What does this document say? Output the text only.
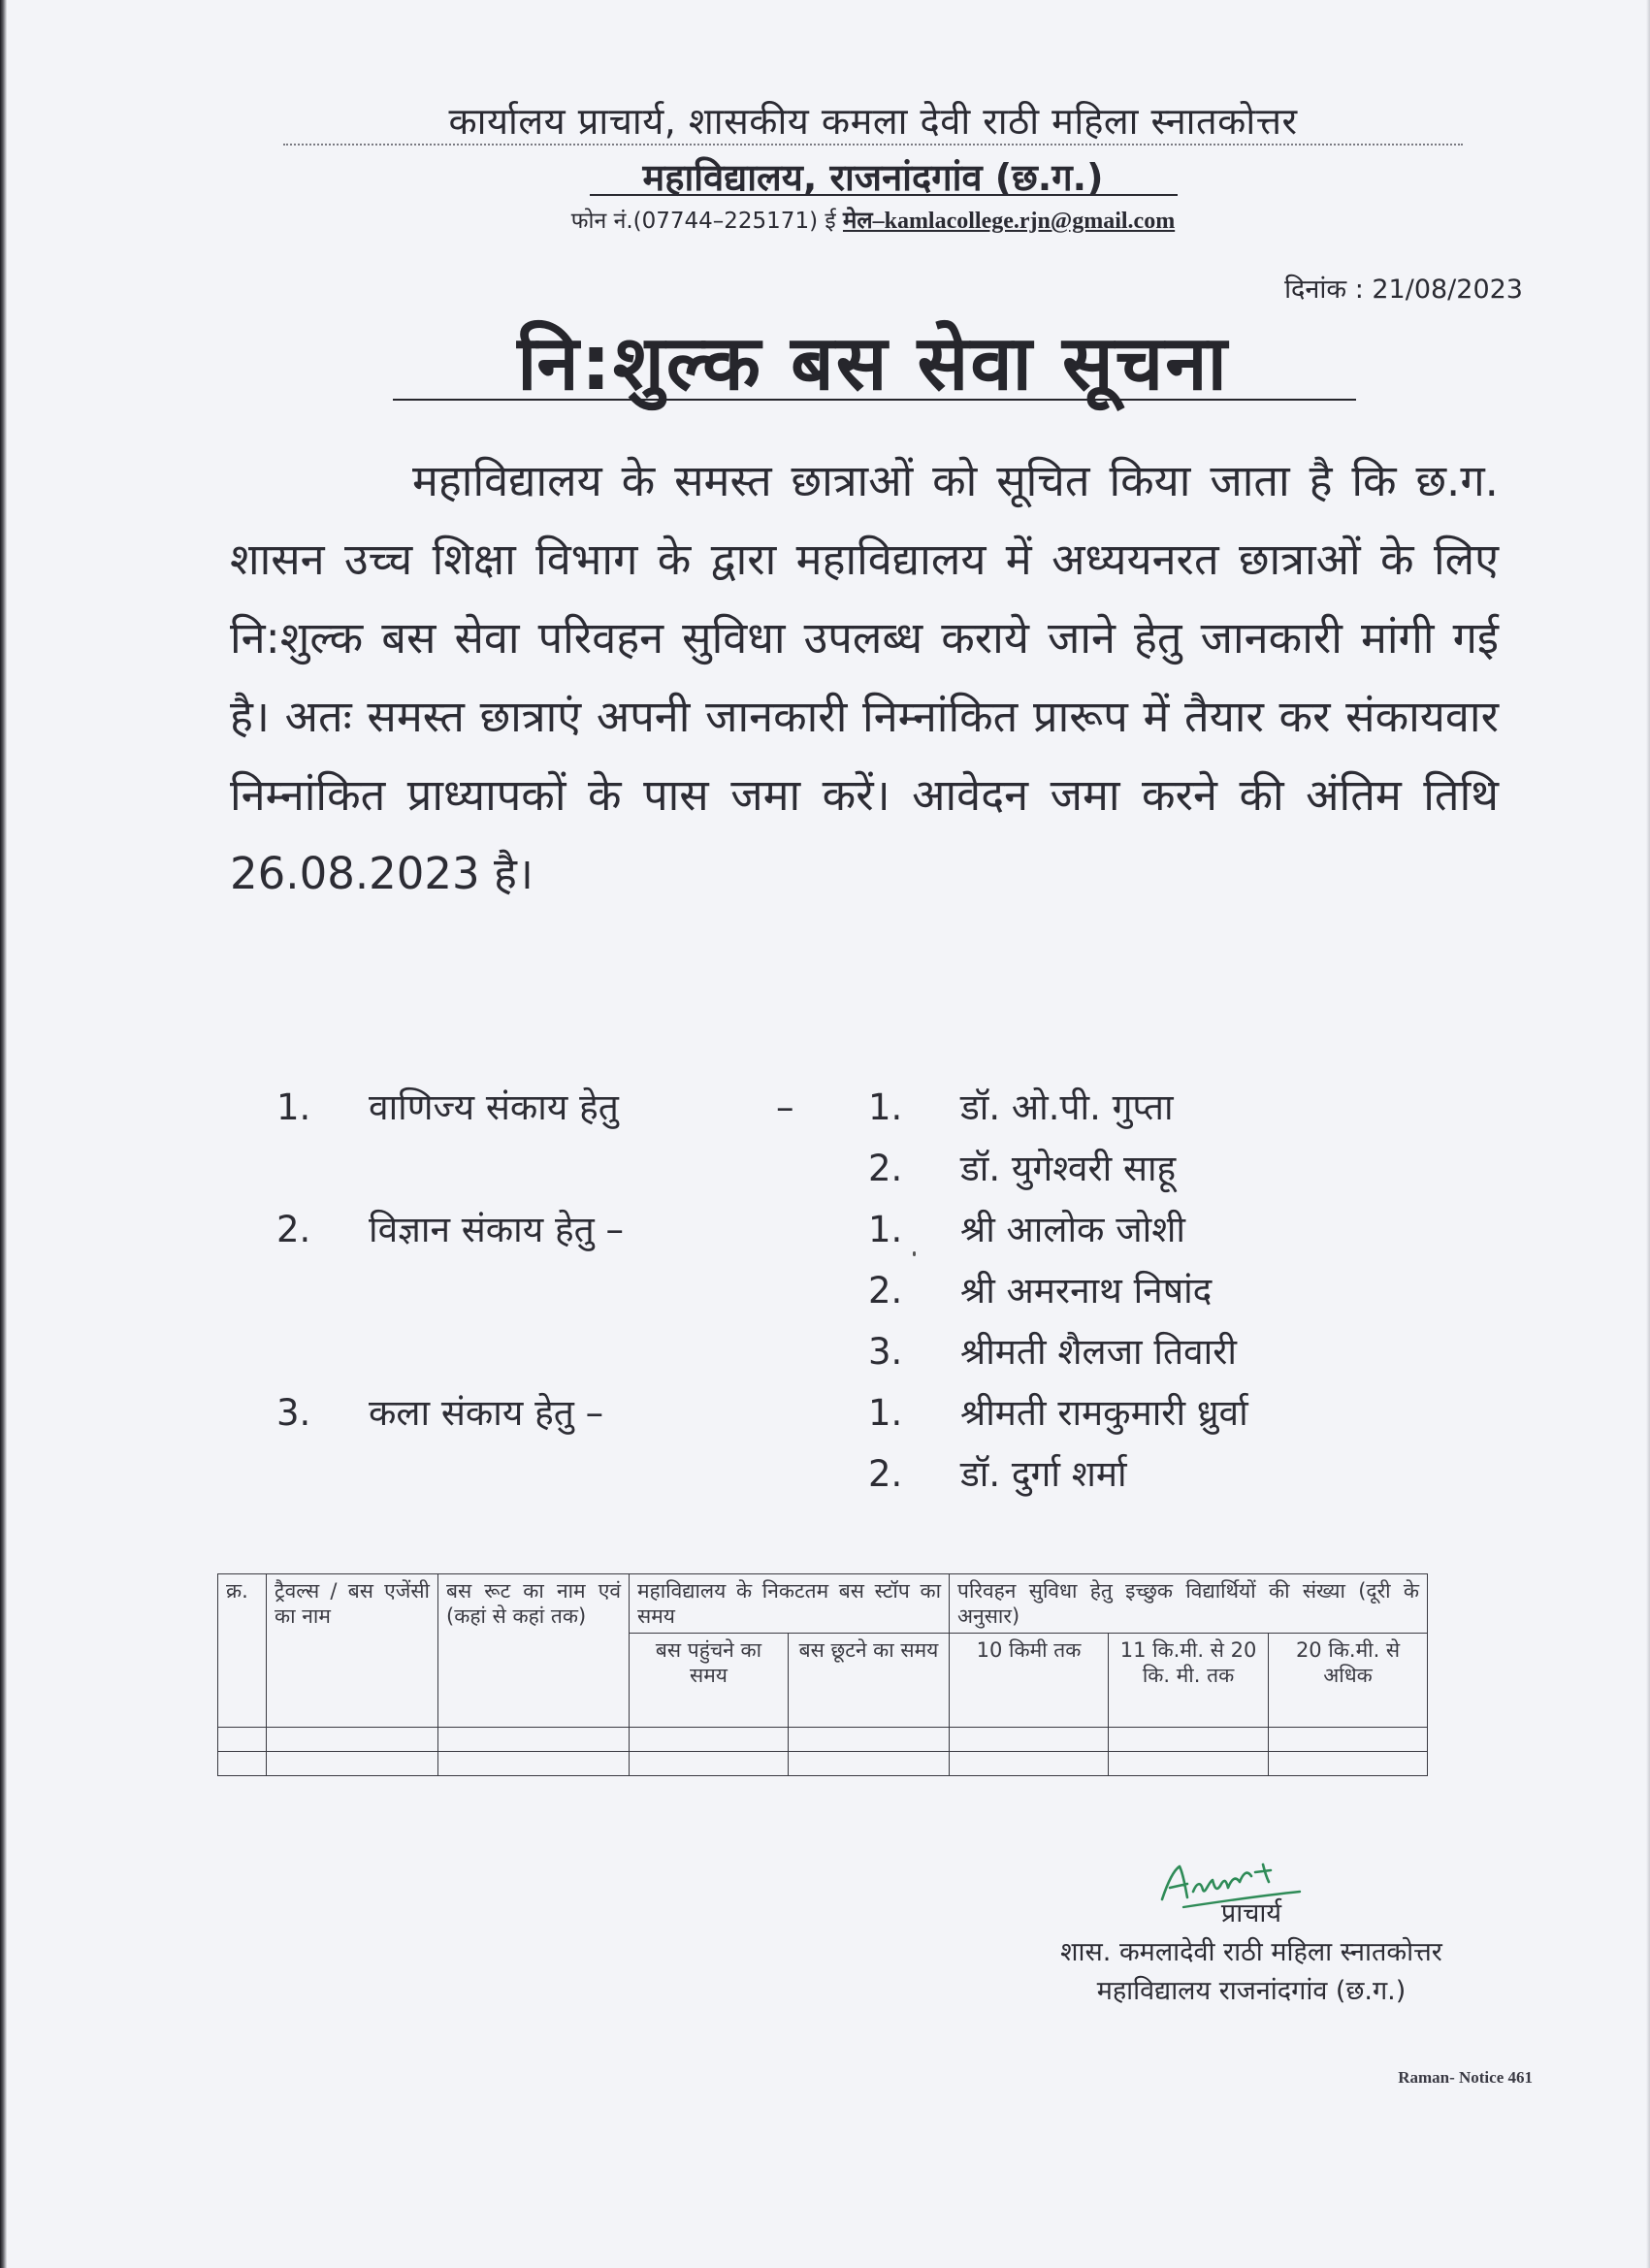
कार्यालय प्राचार्य, शासकीय कमला देवी राठी महिला स्नातकोत्तर
महाविद्यालय, राजनांदगांव (छ.ग.)
फोन नं.(07744–225171) ई मेल–kamlacollege.rjn@gmail.com
दिनांक : 21/08/2023
नि:शुल्क बस सेवा सूचना
महाविद्यालय के समस्त छात्राओं को सूचित किया जाता है कि छ.ग. शासन उच्च शिक्षा विभाग के द्वारा महाविद्यालय में अध्ययनरत छात्राओं के लिए नि:शुल्क बस सेवा परिवहन सुविधा उपलब्ध कराये जाने हेतु जानकारी मांगी गई है। अतः समस्त छात्राएं अपनी जानकारी निम्नांकित प्रारूप में तैयार कर संकायवार निम्नांकित प्राध्यापकों के पास जमा करें। आवेदन जमा करने की अंतिम तिथि 26.08.2023 है।
1. वाणिज्य संकाय हेतु	– 1. डॉ. ओ.पी. गुप्ता
2. डॉ. युगेश्वरी साहू
2. विज्ञान संकाय हेतु –	1. श्री आलोक जोशी
2. श्री अमरनाथ निषांद
3. श्रीमती शैलजा तिवारी
3. कला संकाय हेतु –	1. श्रीमती रामकुमारी ध्रुर्वा
2. डॉ. दुर्गा शर्मा
क्र.	ट्रैवल्स / बस एजेंसी का नाम	बस रूट का नाम एवं (कहां से कहां तक)	महाविद्यालय के निकटतम बस स्टॉप का समय		परिवहन सुविधा हेतु इच्छुक विद्यार्थियों की संख्या (दूरी के अनुसार)		
			बस पहुंचने का समय	बस छूटने का समय	10 किमी तक	11 कि.मी. से 20 कि. मी. तक	20 कि.मी. से अधिक

प्राचार्य
शास. कमलादेवी राठी महिला स्नातकोत्तर
महाविद्यालय राजनांदगांव (छ.ग.)
Raman- Notice 461
